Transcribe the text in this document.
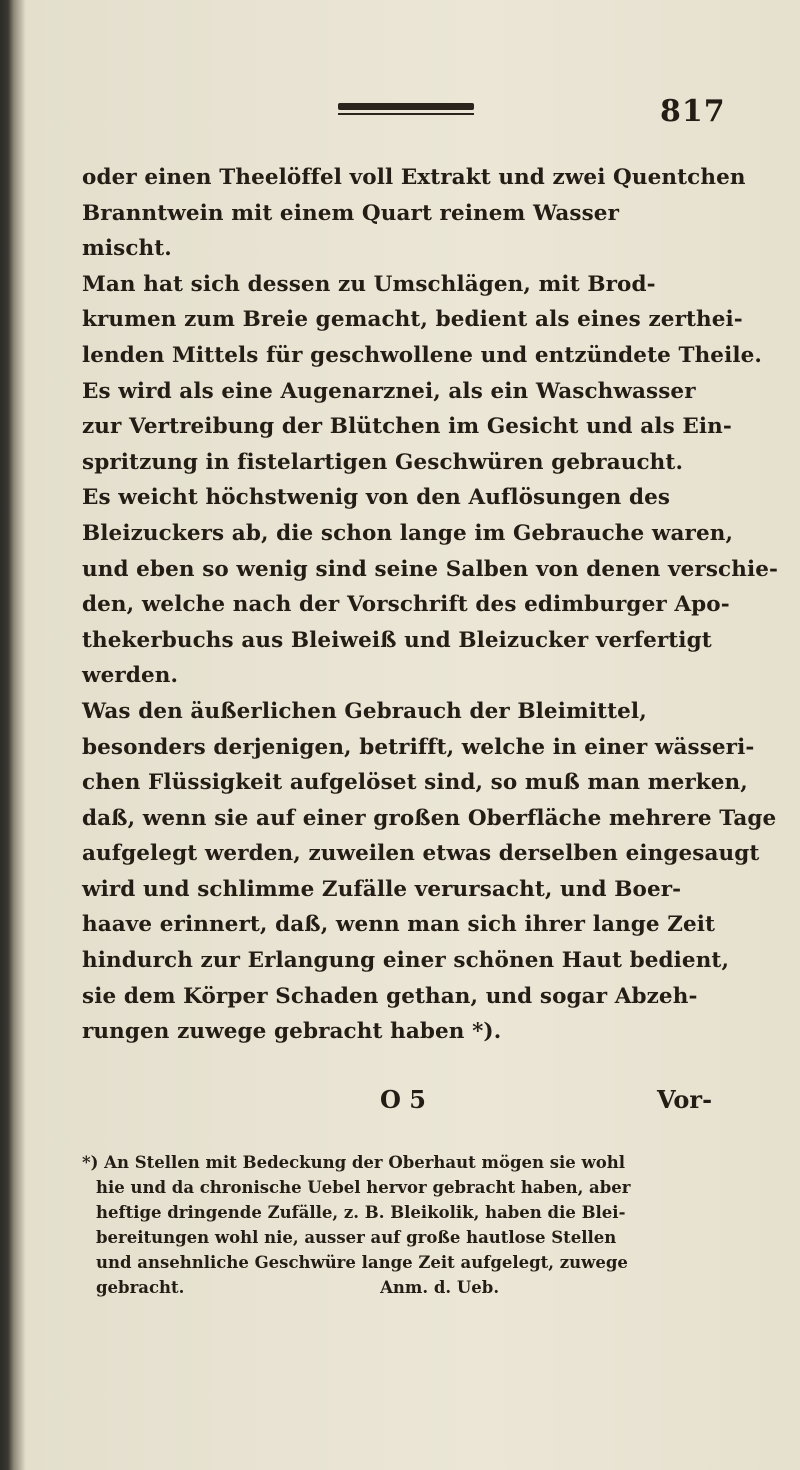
817
oder einen Theelöffel voll Extrakt und zwei Quentchen
Branntwein mit einem Quart reinem Wasser
mischt.
Man hat sich dessen zu Umschlägen, mit Brod-
krumen zum Breie gemacht, bedient als eines zerthei-
lenden Mittels für geschwollene und entzündete Theile.
Es wird als eine Augenarznei, als ein Waschwasser
zur Vertreibung der Blütchen im Gesicht und als Ein-
spritzung in fistelartigen Geschwüren gebraucht.
Es weicht höchstwenig von den Auflösungen des
Bleizuckers ab, die schon lange im Gebrauche waren,
und eben so wenig sind seine Salben von denen verschie-
den, welche nach der Vorschrift des edimburger Apo-
thekerbuchs aus Bleiweiß und Bleizucker verfertigt
werden.
Was den äußerlichen Gebrauch der Bleimittel,
besonders derjenigen, betrifft, welche in einer wässeri-
chen Flüssigkeit aufgelöset sind, so muß man merken,
daß, wenn sie auf einer großen Oberfläche mehrere Tage
aufgelegt werden, zuweilen etwas derselben eingesaugt
wird und schlimme Zufälle verursacht, und Boer-
haave erinnert, daß, wenn man sich ihrer lange Zeit
hindurch zur Erlangung einer schönen Haut bedient,
sie dem Körper Schaden gethan, und sogar Abzeh-
rungen zuwege gebracht haben *).
O 5	Vor-
*) An Stellen mit Bedeckung der Oberhaut mögen sie wohl
hie und da chronische Uebel hervor gebracht haben, aber
heftige dringende Zufälle, z. B. Bleikolik, haben die Blei-
bereitungen wohl nie, ausser auf große hautlose Stellen
und ansehnliche Geschwüre lange Zeit aufgelegt, zuwege
gebracht.	Anm. d. Ueb.
